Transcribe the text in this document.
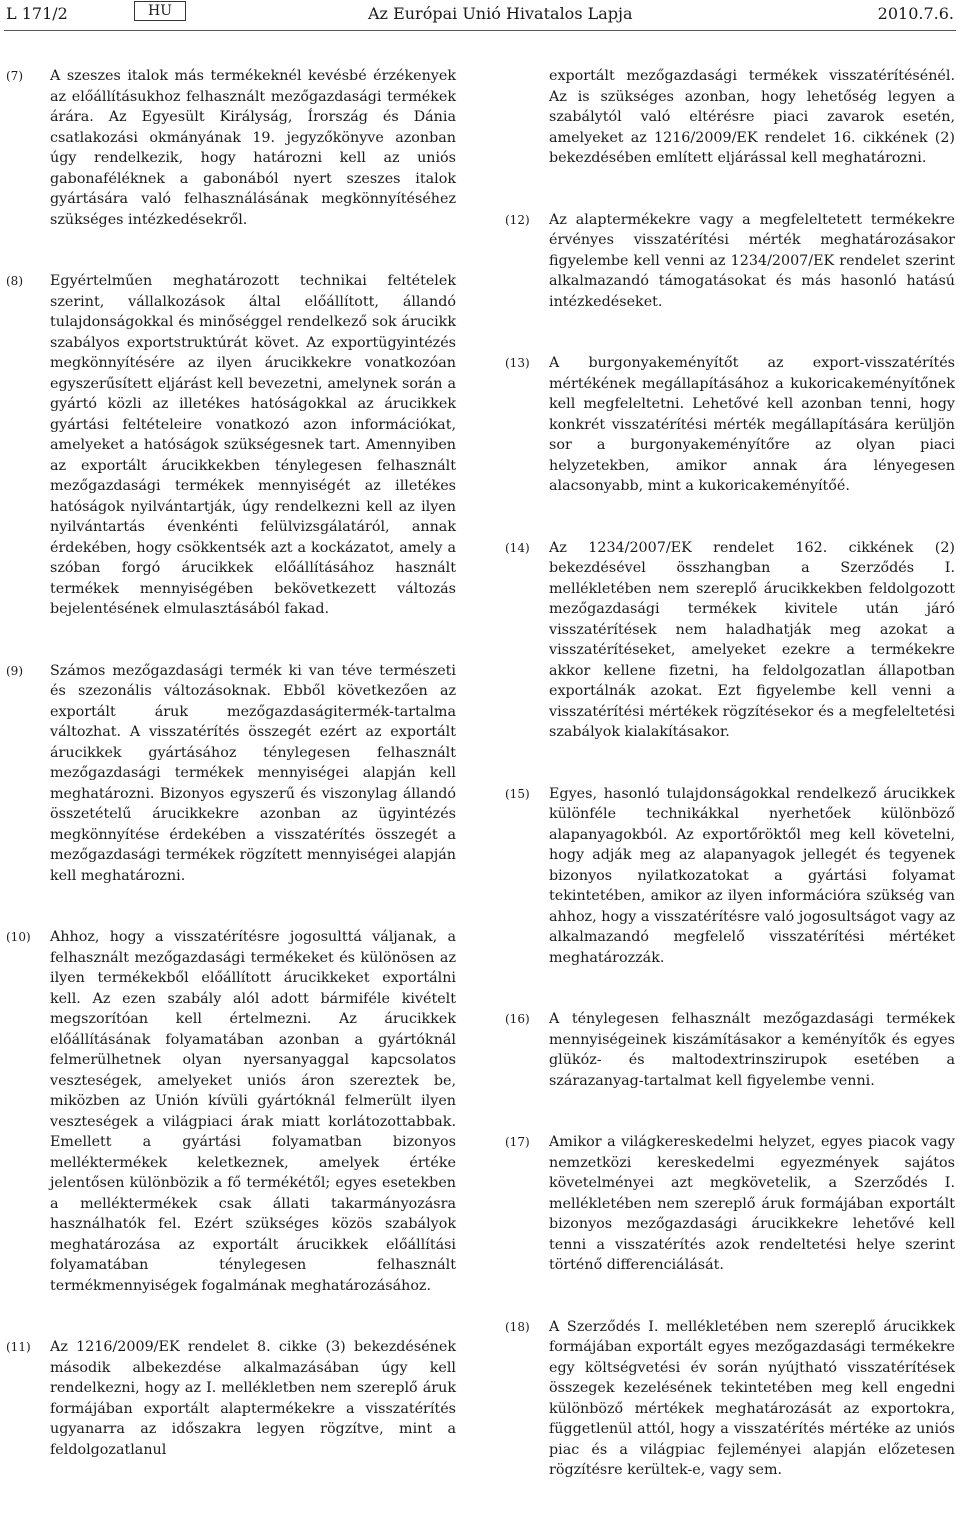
L 171/2	HU	Az Európai Unió Hivatalos Lapja	2010.7.6.
(7)	A szeszes italok más termékeknél kevésbé érzékenyek az előállításukhoz felhasznált mezőgazdasági termékek árára. Az Egyesült Királyság, Írország és Dánia csatlakozási okmányának 19. jegyzőkönyve azonban úgy rendelkezik, hogy határozni kell az uniós gabonaféléknek a gabonából nyert szeszes italok gyártására való felhasználásának megkönnyítéséhez szükséges intézkedésekről.
(8)	Egyértelműen meghatározott technikai feltételek szerint, vállalkozások által előállított, állandó tulajdonságokkal és minőséggel rendelkező sok árucikk szabályos exportstruktúrát követ. Az exportügyintézés megkönnyítésére az ilyen árucikkekre vonatkozóan egyszerűsített eljárást kell bevezetni, amelynek során a gyártó közli az illetékes hatóságokkal az árucikkek gyártási feltételeire vonatkozó azon információkat, amelyeket a hatóságok szükségesnek tart. Amennyiben az exportált árucikkekben ténylegesen felhasznált mezőgazdasági termékek mennyiségét az illetékes hatóságok nyilvántartják, úgy rendelkezni kell az ilyen nyilvántartás évenkénti felülvizsgálatáról, annak érdekében, hogy csökkentsék azt a kockázatot, amely a szóban forgó árucikkek előállításához használt termékek mennyiségében bekövetkezett változás bejelentésének elmulasztásából fakad.
(9)	Számos mezőgazdasági termék ki van téve természeti és szezonális változásoknak. Ebből következően az exportált áruk mezőgazdaságitermék-tartalma változhat. A visszatérítés összegét ezért az exportált árucikkek gyártásához ténylegesen felhasznált mezőgazdasági termékek mennyiségei alapján kell meghatározni. Bizonyos egyszerű és viszonylag állandó összetételű árucikkekre azonban az ügyintézés megkönnyítése érdekében a visszatérítés összegét a mezőgazdasági termékek rögzített mennyiségei alapján kell meghatározni.
(10)	Ahhoz, hogy a visszatérítésre jogosulttá váljanak, a felhasznált mezőgazdasági termékeket és különösen az ilyen termékekből előállított árucikkeket exportálni kell. Az ezen szabály alól adott bármiféle kivételt megszorítóan kell értelmezni. Az árucikkek előállításának folyamatában azonban a gyártóknál felmerülhetnek olyan nyersanyaggal kapcsolatos veszteségek, amelyeket uniós áron szereztek be, miközben az Unión kívüli gyártóknál felmerült ilyen veszteségek a világpiaci árak miatt korlátozottabbak. Emellett a gyártási folyamatban bizonyos melléktermékek keletkeznek, amelyek értéke jelentősen különbözik a fő termékétől; egyes esetekben a melléktermékek csak állati takarmányozásra használhatók fel. Ezért szükséges közös szabályok meghatározása az exportált árucikkek előállítási folyamatában ténylegesen felhasznált termékmennyiségek fogalmának meghatározásához.
(11)	Az 1216/2009/EK rendelet 8. cikke (3) bekezdésének második albekezdése alkalmazásában úgy kell rendelkezni, hogy az I. mellékletben nem szereplő áruk formájában exportált alaptermékekre a visszatérítés ugyanarra az időszakra legyen rögzítve, mint a feldolgozatlanul
exportált mezőgazdasági termékek visszatérítésénél. Az is szükséges azonban, hogy lehetőség legyen a szabálytól való eltérésre piaci zavarok esetén, amelyeket az 1216/2009/EK rendelet 16. cikkének (2) bekezdésében említett eljárással kell meghatározni.
(12)	Az alaptermékekre vagy a megfeleltetett termékekre érvényes visszatérítési mérték meghatározásakor figyelembe kell venni az 1234/2007/EK rendelet szerint alkalmazandó támogatásokat és más hasonló hatású intézkedéseket.
(13)	A burgonyakeményítőt az export-visszatérítés mértékének megállapításához a kukoricakeményítőnek kell megfeleltetni. Lehetővé kell azonban tenni, hogy konkrét visszatérítési mérték megállapítására kerüljön sor a burgonyakeményítőre az olyan piaci helyzetekben, amikor annak ára lényegesen alacsonyabb, mint a kukoricakeményítőé.
(14)	Az 1234/2007/EK rendelet 162. cikkének (2) bekezdésével összhangban a Szerződés I. mellékletében nem szereplő árucikkekben feldolgozott mezőgazdasági termékek kivitele után járó visszatérítések nem haladhatják meg azokat a visszatérítéseket, amelyeket ezekre a termékekre akkor kellene fizetni, ha feldolgozatlan állapotban exportálnák azokat. Ezt figyelembe kell venni a visszatérítési mértékek rögzítésekor és a megfeleltetési szabályok kialakításakor.
(15)	Egyes, hasonló tulajdonságokkal rendelkező árucikkek különféle technikákkal nyerhetőek különböző alapanyagokból. Az exportőröktől meg kell követelni, hogy adják meg az alapanyagok jellegét és tegyenek bizonyos nyilatkozatokat a gyártási folyamat tekintetében, amikor az ilyen információra szükség van ahhoz, hogy a visszatérítésre való jogosultságot vagy az alkalmazandó megfelelő visszatérítési mértéket meghatározzák.
(16)	A ténylegesen felhasznált mezőgazdasági termékek mennyiségeinek kiszámításakor a keményítők és egyes glükóz- és maltodextrinszirupok esetében a szárazanyag-tartalmat kell figyelembe venni.
(17)	Amikor a világkereskedelmi helyzet, egyes piacok vagy nemzetközi kereskedelmi egyezmények sajátos követelményei azt megkövetelik, a Szerződés I. mellékletében nem szereplő áruk formájában exportált bizonyos mezőgazdasági árucikkekre lehetővé kell tenni a visszatérítés azok rendeltetési helye szerint történő differenciálását.
(18)	A Szerződés I. mellékletében nem szereplő árucikkek formájában exportált egyes mezőgazdasági termékekre egy költségvetési év során nyújtható visszatérítések összegek kezelésének tekintetében meg kell engedni különböző mértékek meghatározását az exportokra, függetlenül attól, hogy a visszatérítés mértéke az uniós piac és a világpiac fejleményei alapján előzetesen rögzítésre kerültek-e, vagy sem.
